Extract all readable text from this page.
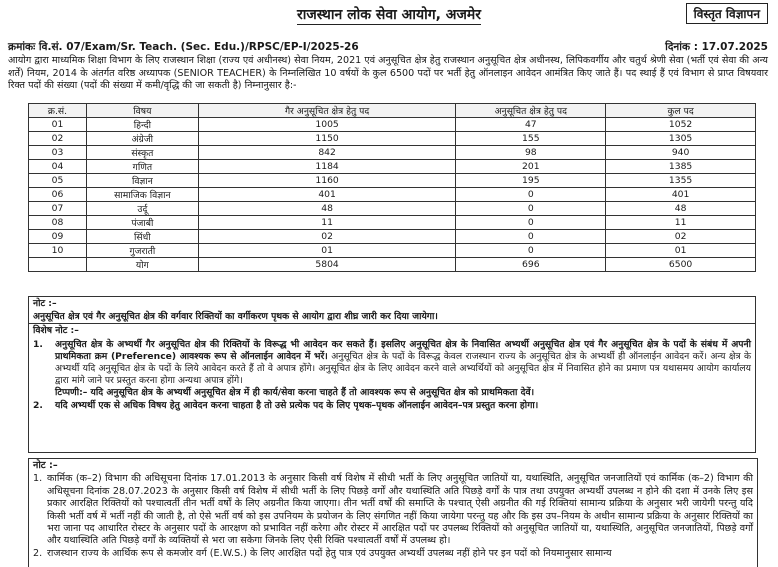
विस्तृत विज्ञापन
राजस्थान लोक सेवा आयोग, अजमेर
क्रमांकः वि.सं. 07/Exam/Sr. Teach. (Sec. Edu.)/RPSC/EP-I/2025-26	दिनांक : 17.07.2025
आयोग द्वारा माध्यमिक शिक्षा विभाग के लिए राजस्थान शिक्षा (राज्य एवं अधीनस्थ) सेवा नियम, 2021 एवं अनुसूचित क्षेत्र हेतु राजस्थान अनुसूचित क्षेत्र अधीनस्थ, लिपिकवर्गीय और चतुर्थ श्रेणी सेवा (भर्ती एवं सेवा की अन्य शर्तें) नियम, 2014 के अंतर्गत वरिष्ठ अध्यापक (SENIOR TEACHER) के निम्नलिखित 10 वर्षयों के कुल 6500 पदों पर भर्ती हेतु ऑनलाइन आवेदन आमंत्रित किए जाते हैं। पद स्थाई हैं एवं विभाग से प्राप्त विषयवार रिक्त पदों की संख्या (पदों की संख्या में कमी/वृद्धि की जा सकती है) निम्नानुसार है:-
क्र.सं.	विषय	गैर अनुसूचित क्षेत्र हेतु पद	अनुसूचित क्षेत्र हेतु पद	कुल पद
01	हिन्दी	1005	47	1052
02	अंग्रेजी	1150	155	1305
03	संस्कृत	842	98	940
04	गणित	1184	201	1385
05	विज्ञान	1160	195	1355
06	सामाजिक विज्ञान	401	0	401
07	उर्दू	48	0	48
08	पंजाबी	11	0	11
09	सिंधी	02	0	02
10	गुजराती	01	0	01
	योग	5804	696	6500
नोट :–
अनुसूचित क्षेत्र एवं गैर अनुसूचित क्षेत्र की वर्गवार रिक्तियों का वर्गीकरण पृथक से आयोग द्वारा शीघ्र जारी कर दिया जायेगा।
विशेष नोट :–
1.	अनुसूचित क्षेत्र के अभ्यर्थी गैर अनुसूचित क्षेत्र की रिक्तियों के विरूद्ध भी आवेदन कर सकते हैं। इसलिए अनुसूचित क्षेत्र के निवासित अभ्यर्थी अनुसूचित क्षेत्र एवं गैर अनुसूचित क्षेत्र के पदों के संबंध में अपनी प्राथमिकता क्रम (Preference) आवश्यक रूप से ऑनलाईन आवेदन में भरें। अनुसूचित क्षेत्र के पदों के विरूद्ध केवल राजस्थान राज्य के अनुसूचित क्षेत्र के अभ्यर्थी ही ऑनलाईन आवेदन करें। अन्य क्षेत्र के अभ्यर्थी यदि अनुसूचित क्षेत्र के पदों के लिये आवेदन करते हैं तो वे अपात्र होंगे। अनुसूचित क्षेत्र के लिए आवेदन करने वाले अभ्यर्थियों को अनुसूचित क्षेत्र में निवासित होने का प्रमाण पत्र यथासमय आयोग कार्यालय द्वारा मांगे जाने पर प्रस्तुत करना होगा अन्यथा अपात्र होंगे।
टिप्पणी:– यदि अनुसूचित क्षेत्र के अभ्यर्थी अनुसूचित क्षेत्र में ही कार्य/सेवा करना चाहते हैं तो आवश्यक रूप से अनुसूचित क्षेत्र को प्राथमिकता देवें।
2.	यदि अभ्यर्थी एक से अधिक विषय हेतु आवेदन करना चाहता है तो उसे प्रत्येक पद के लिए पृथक–पृथक ऑनलाईन आवेदन–पत्र प्रस्तुत करना होगा।
नोट :–
1. कार्मिक (क–2) विभाग की अधिसूचना दिनांक 17.01.2013 के अनुसार किसी वर्ष विशेष में सीधी भर्ती के लिए अनुसूचित जातियों या, यथास्थिति, अनुसूचित जनजातियों एवं कार्मिक (क–2) विभाग की अधिसूचना दिनांक 28.07.2023 के अनुसार किसी वर्ष विशेष में सीधी भर्ती के लिए पिछड़े वर्गों और यथास्थिति अति पिछड़े वर्गों के पात्र तथा उपयुक्त अभ्यर्थी उपलब्ध न होने की दशा में उनके लिए इस प्रकार आरक्षित रिक्तियों को पश्चात्वर्ती तीन भर्ती वर्षों के लिए अग्रनीत किया जाएगा। तीन भर्ती वर्षों की समाप्ति के पश्चात् ऐसी अग्रनीत की गई रिक्तियां सामान्य प्रक्रिया के अनुसार भरी जायेगी परन्तु यदि किसी भर्ती वर्ष में भर्ती नहीं की जाती है, तो ऐसे भर्ती वर्ष को इस उपनियम के प्रयोजन के लिए संगणित नहीं किया जायेगा परन्तु यह और कि इस उप–नियम के अधीन सामान्य प्रक्रिया के अनुसार रिक्तियों का भरा जाना पद आधारित रोस्टर के अनुसार पदों के आरक्षण को प्रभावित नहीं करेगा और रोस्टर में आरक्षित पदों पर उपलब्ध रिक्तियों को अनुसूचित जातियों या, यथास्थिति, अनुसूचित जनजातियों, पिछड़े वर्गों और यथास्थिति अति पिछड़े वर्गों के व्यक्तियों से भरा जा सकेगा जिनके लिए ऐसी रिक्ति पश्चात्वर्ती वर्षों में उपलब्ध हो।
2. राजस्थान राज्य के आर्थिक रूप से कमजोर वर्ग (E.W.S.) के लिए आरक्षित पदों हेतु पात्र एवं उपयुक्त अभ्यर्थी उपलब्ध नहीं होने पर इन पदों को नियमानुसार सामान्य
